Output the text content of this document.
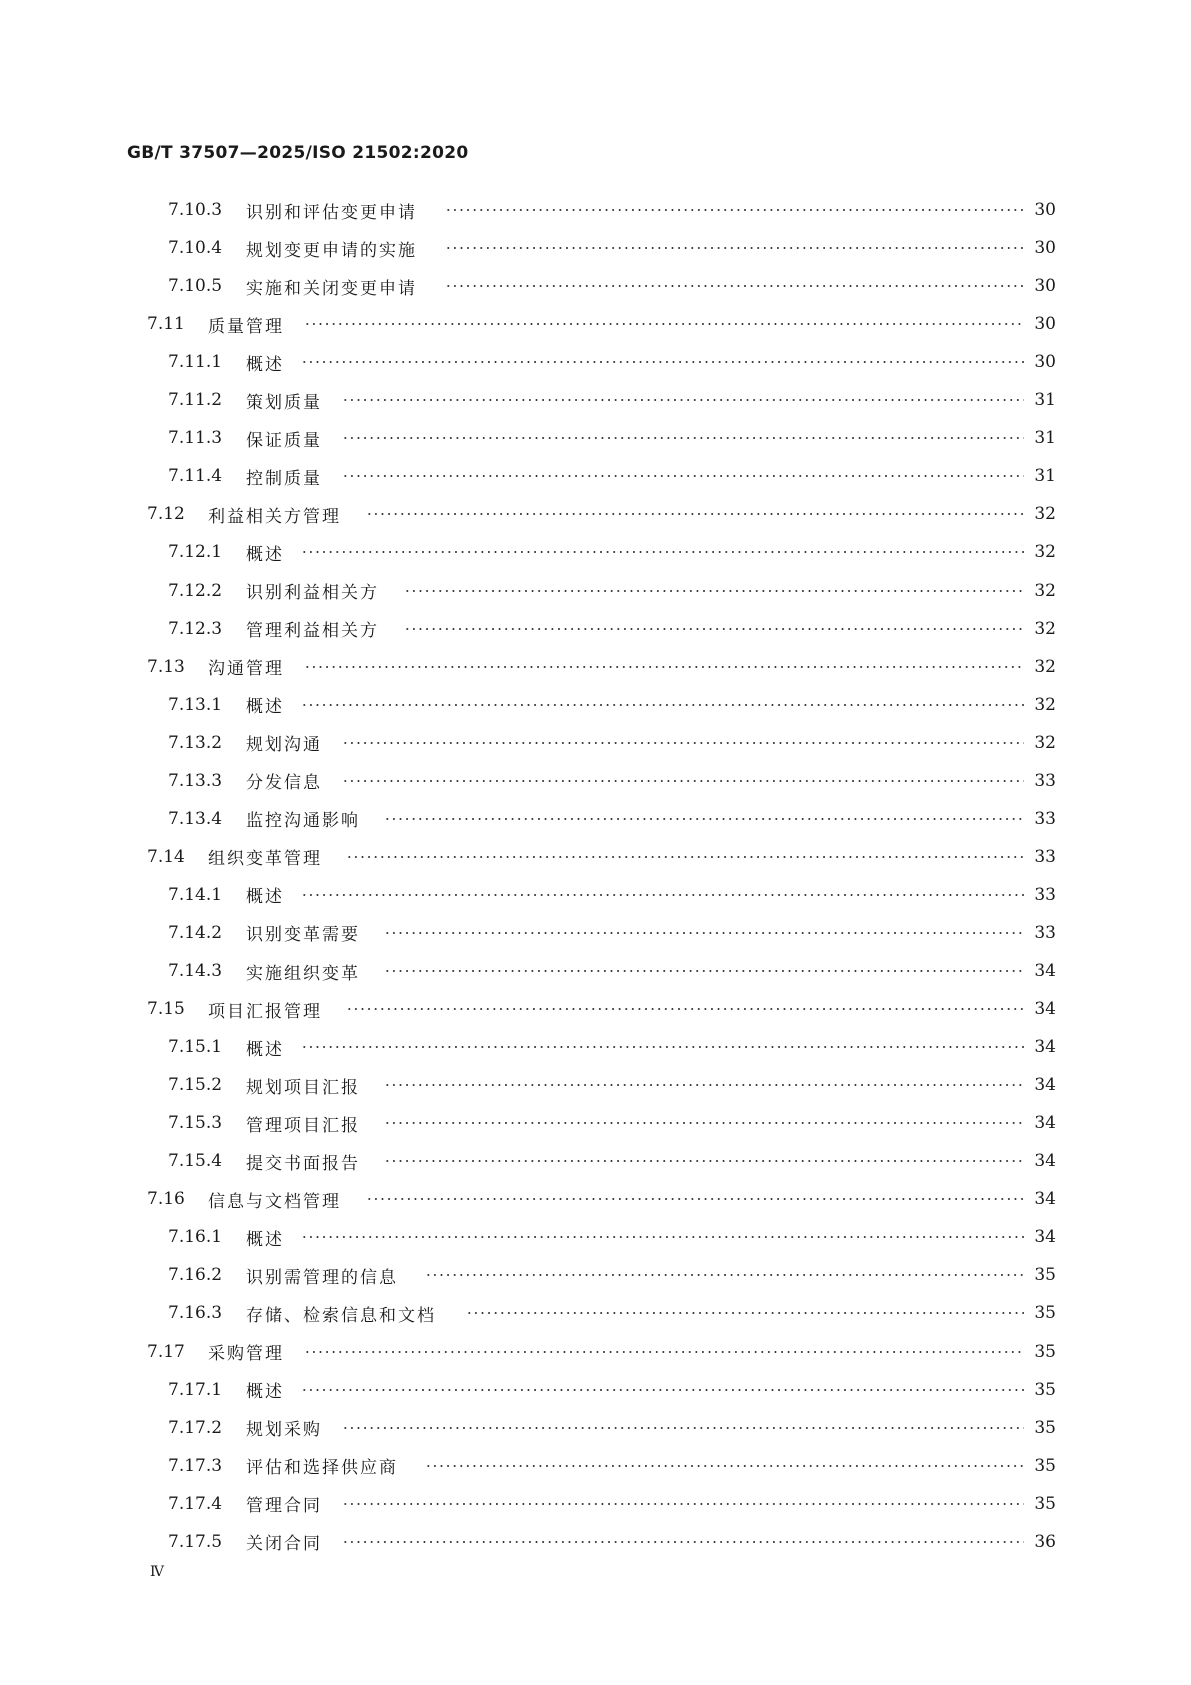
GB/T 37507—2025/ISO 21502:2020
7.10.3 识别和评估变更申请	30
7.10.4 规划变更申请的实施	30
7.10.5 实施和关闭变更申请	30
7.11 质量管理	30
7.11.1 概述	30
7.11.2 策划质量	31
7.11.3 保证质量	31
7.11.4 控制质量	31
7.12 利益相关方管理	32
7.12.1 概述	32
7.12.2 识别利益相关方	32
7.12.3 管理利益相关方	32
7.13 沟通管理	32
7.13.1 概述	32
7.13.2 规划沟通	32
7.13.3 分发信息	33
7.13.4 监控沟通影响	33
7.14 组织变革管理	33
7.14.1 概述	33
7.14.2 识别变革需要	33
7.14.3 实施组织变革	34
7.15 项目汇报管理	34
7.15.1 概述	34
7.15.2 规划项目汇报	34
7.15.3 管理项目汇报	34
7.15.4 提交书面报告	34
7.16 信息与文档管理	34
7.16.1 概述	34
7.16.2 识别需管理的信息	35
7.16.3 存储、检索信息和文档	35
7.17 采购管理	35
7.17.1 概述	35
7.17.2 规划采购	35
7.17.3 评估和选择供应商	35
7.17.4 管理合同	35
7.17.5 关闭合同	36
Ⅳ
